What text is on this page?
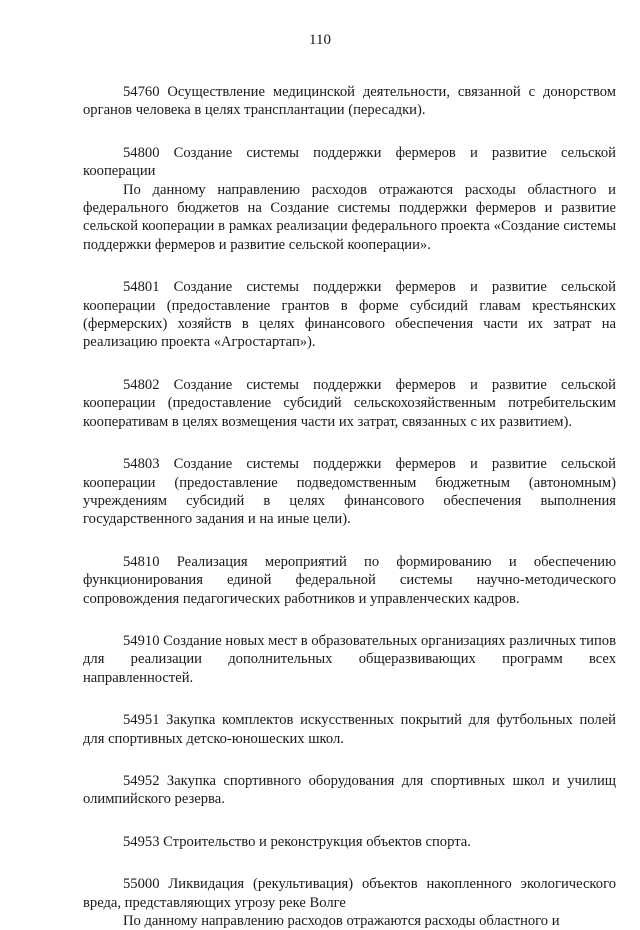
110

54760 Осуществление медицинской деятельности, связанной с донорством органов человека в целях трансплантации (пересадки).

54800 Создание системы поддержки фермеров и развитие сельской кооперации

По данному направлению расходов отражаются расходы областного и федерального бюджетов на Создание системы поддержки фермеров и развитие сельской кооперации в рамках реализации федерального проекта «Создание системы поддержки фермеров и развитие сельской кооперации».

54801 Создание системы поддержки фермеров и развитие сельской кооперации (предоставление грантов в форме субсидий главам крестьянских (фермерских) хозяйств в целях финансового обеспечения части их затрат на реализацию проекта «Агростартап»).

54802 Создание системы поддержки фермеров и развитие сельской кооперации (предоставление субсидий сельскохозяйственным потребительским кооперативам в целях возмещения части их затрат, связанных с их развитием).

54803 Создание системы поддержки фермеров и развитие сельской кооперации (предоставление подведомственным бюджетным (автономным) учреждениям субсидий в целях финансового обеспечения выполнения государственного задания и на иные цели).

54810 Реализация мероприятий по формированию и обеспечению функционирования единой федеральной системы научно-методического сопровождения педагогических работников и управленческих кадров.

54910 Создание новых мест в образовательных организациях различных типов для реализации дополнительных общеразвивающих программ всех направленностей.

54951 Закупка комплектов искусственных покрытий для футбольных полей для спортивных детско-юношеских школ.

54952 Закупка спортивного оборудования для спортивных школ и училищ олимпийского резерва.

54953 Строительство и реконструкция объектов спорта.

55000 Ликвидация (рекультивация) объектов накопленного экологического вреда, представляющих угрозу реке Волге

По данному направлению расходов отражаются расходы областного и
